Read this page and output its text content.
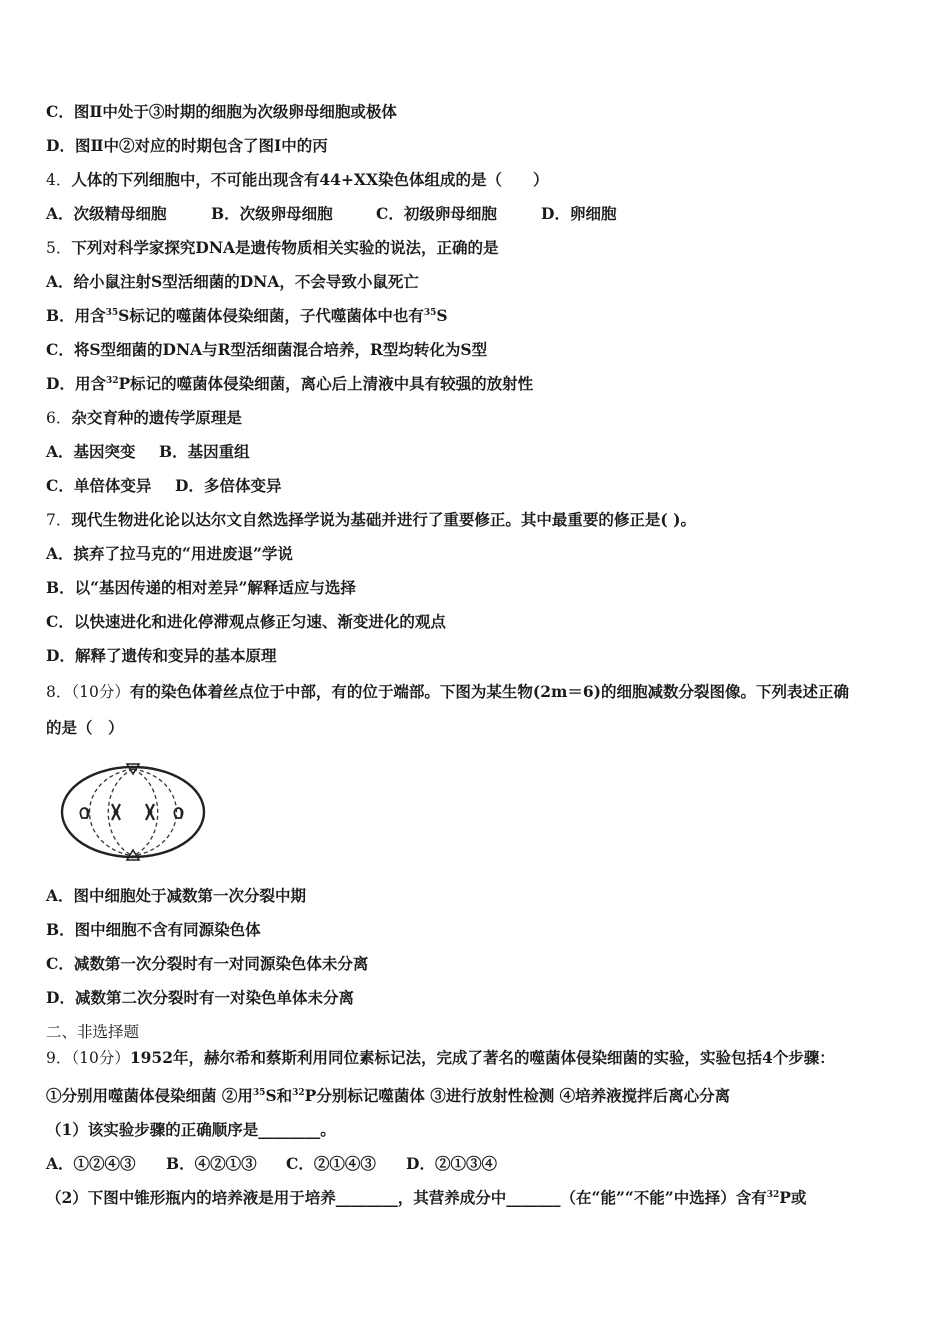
C．图Ⅱ中处于③时期的细胞为次级卵母细胞或极体
D．图Ⅱ中②对应的时期包含了图Ⅰ中的丙
4．人体的下列细胞中，不可能出现含有44+XX染色体组成的是（　　）
A．次级精母细胞	B．次级卵母细胞	C．初级卵母细胞	D．卵细胞
5．下列对科学家探究DNA是遗传物质相关实验的说法，正确的是
A．给小鼠注射S型活细菌的DNA，不会导致小鼠死亡
B．用含$^{35}$S标记的噬菌体侵染细菌，子代噬菌体中也有$^{35}$S
C．将S型细菌的DNA与R型活细菌混合培养，R型均转化为S型
D．用含$^{32}$P标记的噬菌体侵染细菌，离心后上清液中具有较强的放射性
6．杂交育种的遗传学原理是
A．基因突变 B．基因重组
C．单倍体变异 D．多倍体变异
7．现代生物进化论以达尔文自然选择学说为基础并进行了重要修正。其中最重要的修正是( )。
A．摈弃了拉马克的“用进废退”学说
B．以“基因传递的相对差异”解释适应与选择
C．以快速进化和进化停滞观点修正匀速、渐变进化的观点
D．解释了遗传和变异的基本原理
8．（10分）有的染色体着丝点位于中部，有的位于端部。下图为某生物(2m＝6)的细胞减数分裂图像。下列表述正确
的是（　）
A．图中细胞处于减数第一次分裂中期
B．图中细胞不含有同源染色体
C．减数第一次分裂时有一对同源染色体未分离
D．减数第二次分裂时有一对染色单体未分离
二、非选择题
9．（10分）1952年，赫尔希和蔡斯利用同位素标记法，完成了著名的噬菌体侵染细菌的实验，实验包括4个步骤：
①分别用噬菌体侵染细菌 ②用$^{35}$S和$^{32}$P分别标记噬菌体 ③进行放射性检测 ④培养液搅拌后离心分离
（1）该实验步骤的正确顺序是________。
A．①②④③ B．④②①③ C．②①④③ D．②①③④
（2）下图中锥形瓶内的培养液是用于培养________，其营养成分中_______（在“能”“不能”中选择）含有$^{32}$P或
